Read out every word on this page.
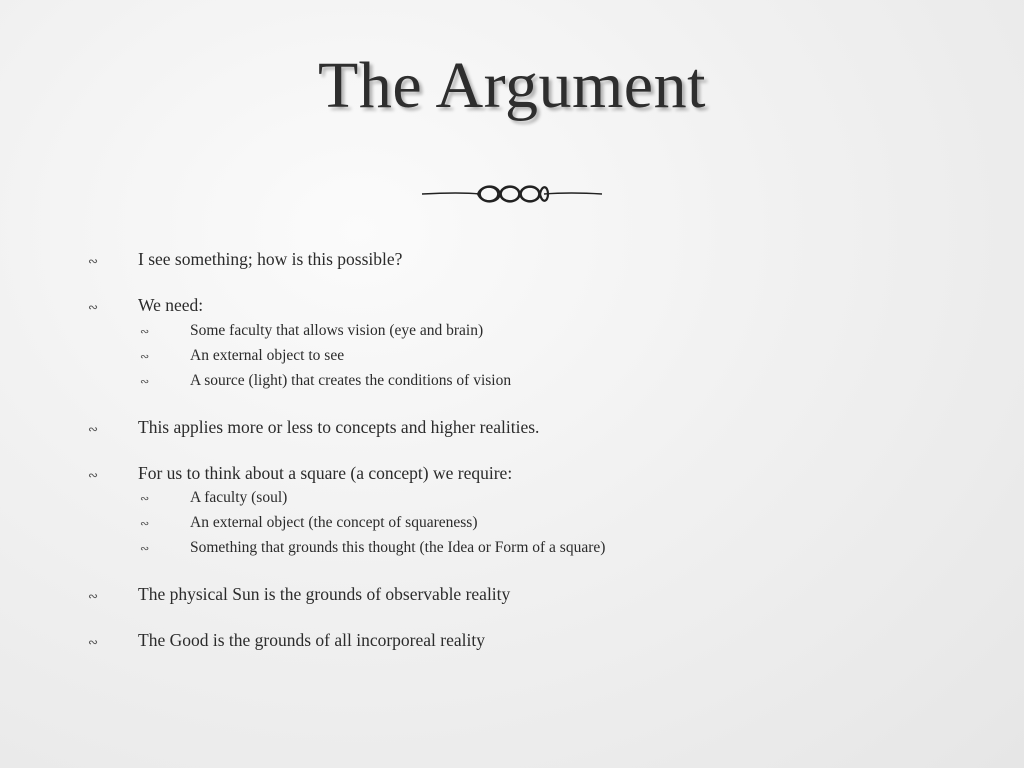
The Argument
∾	I see something; how is this possible?
∾	We need:
∾	Some faculty that allows vision (eye and brain)
∾	An external object to see
∾	A source (light) that creates the conditions of vision
∾	This applies more or less to concepts and higher realities.
∾	For us to think about a square (a concept) we require:
∾	A faculty (soul)
∾	An external object (the concept of squareness)
∾	Something that grounds this thought (the Idea or Form of a square)
∾	The physical Sun is the grounds of observable reality
∾	The Good is the grounds of all incorporeal reality
